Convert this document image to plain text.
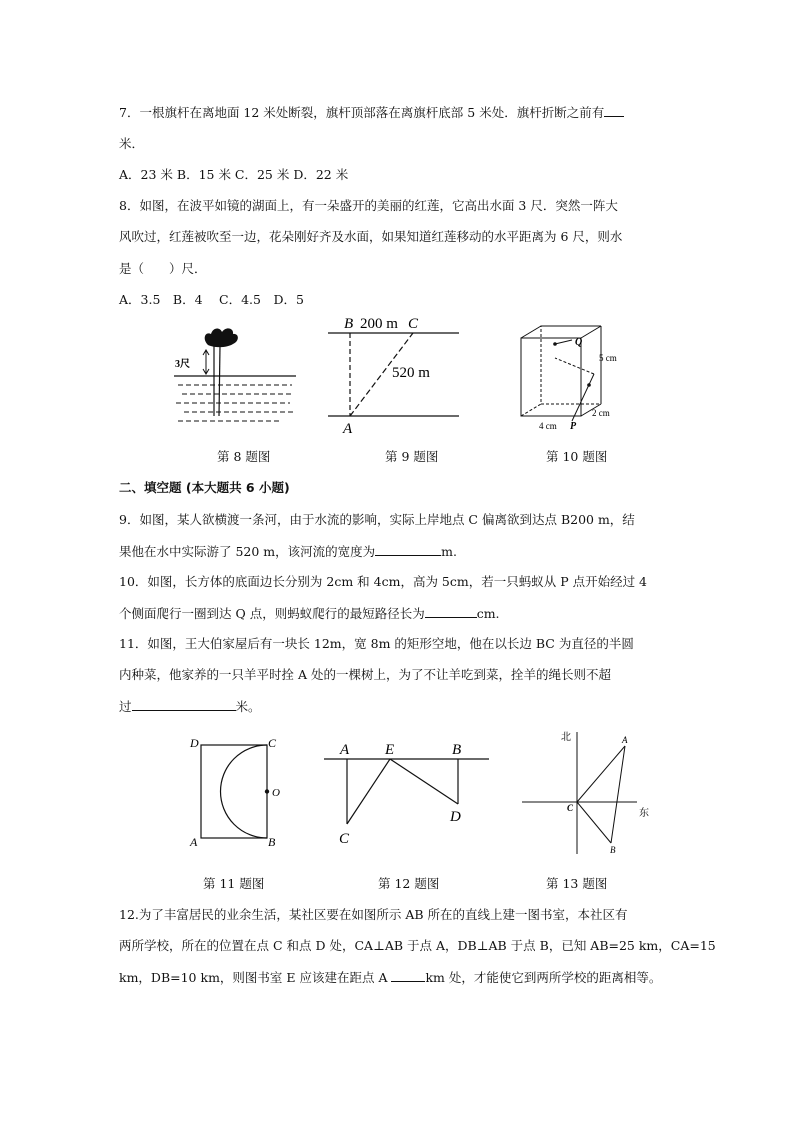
7．一根旗杆在离地面 12 米处断裂，旗杆顶部落在离旗杆底部 5 米处．旗杆折断之前有
米．
A．23 米 B．15 米 C．25 米 D．22 米
8．如图，在波平如镜的湖面上，有一朵盛开的美丽的红莲，它高出水面 3 尺．突然一阵大
风吹过，红莲被吹至一边，花朵刚好齐及水面，如果知道红莲移动的水平距离为 6 尺，则水
是（　　）尺．
A．3.5　B．4　 C．4.5　D．5
3尺
B 200 m C
520 m
A
Q
5 cm
2 cm
4 cm P
第 8 题图	第 9 题图	第 10 题图
二、填空题 (本大题共 6 小题)
9．如图，某人欲横渡一条河，由于水流的影响，实际上岸地点 C 偏离欲到达点 B200 m，结
果他在水中实际游了 520 m，该河流的宽度为	m.
10．如图，长方体的底面边长分别为 2cm 和 4cm，高为 5cm，若一只蚂蚁从 P 点开始经过 4
个侧面爬行一圈到达 Q 点，则蚂蚁爬行的最短路径长为	cm.
11．如图，王大伯家屋后有一块长 12m，宽 8m 的矩形空地，他在以长边 BC 为直径的半圆
内种菜，他家养的一只羊平时拴 A 处的一棵树上，为了不让羊吃到菜，拴羊的绳长则不超
过	米。
D	C
O
A	B
A E	B
C
D
北
东
A
C
B
第 11 题图	第 12 题图	第 13 题图
12.为了丰富居民的业余生活，某社区要在如图所示 AB 所在的直线上建一图书室，本社区有
两所学校，所在的位置在点 C 和点 D 处，CA⊥AB 于点 A，DB⊥AB 于点 B，已知 AB=25 km，CA=15
km，DB=10 km，则图书室 E 应该建在距点 A	km 处，才能使它到两所学校的距离相等。
